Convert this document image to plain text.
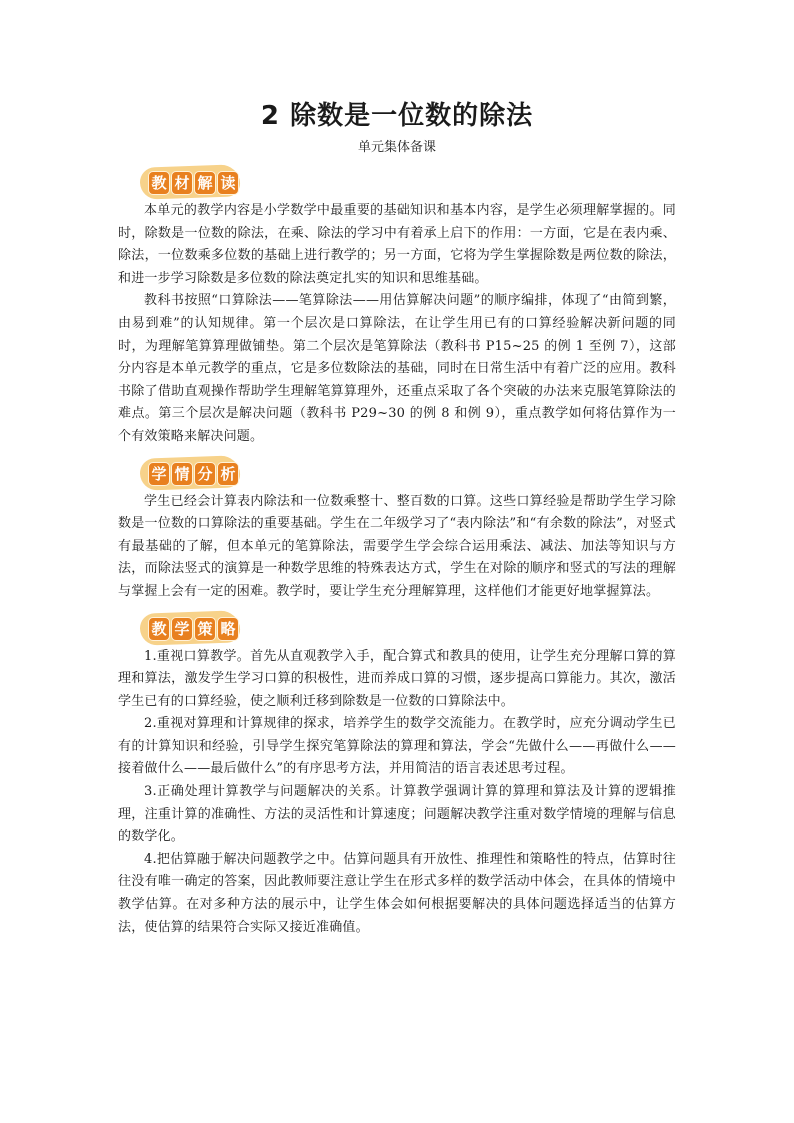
2 除数是一位数的除法
单元集体备课
教 材 解 读

本单元的教学内容是小学数学中最重要的基础知识和基本内容，是学生必须理解掌握的。同时，除数是一位数的除法，在乘、除法的学习中有着承上启下的作用：一方面，它是在表内乘、除法，一位数乘多位数的基础上进行教学的；另一方面，它将为学生掌握除数是两位数的除法，和进一步学习除数是多位数的除法奠定扎实的知识和思维基础。

教科书按照“口算除法——笔算除法——用估算解决问题”的顺序编排，体现了“由简到繁，由易到难”的认知规律。第一个层次是口算除法，在让学生用已有的口算经验解决新问题的同时，为理解笔算算理做铺垫。第二个层次是笔算除法（教科书 P15~25 的例 1 至例 7），这部分内容是本单元教学的重点，它是多位数除法的基础，同时在日常生活中有着广泛的应用。教科书除了借助直观操作帮助学生理解笔算算理外，还重点采取了各个突破的办法来克服笔算除法的难点。第三个层次是解决问题（教科书 P29~30 的例 8 和例 9），重点教学如何将估算作为一个有效策略来解决问题。

学 情 分 析

学生已经会计算表内除法和一位数乘整十、整百数的口算。这些口算经验是帮助学生学习除数是一位数的口算除法的重要基础。学生在二年级学习了“表内除法”和“有余数的除法”，对竖式有最基础的了解，但本单元的笔算除法，需要学生学会综合运用乘法、减法、加法等知识与方法，而除法竖式的演算是一种数学思维的特殊表达方式，学生在对除的顺序和竖式的写法的理解与掌握上会有一定的困难。教学时，要让学生充分理解算理，这样他们才能更好地掌握算法。

教 学 策 略

1.重视口算教学。首先从直观教学入手，配合算式和教具的使用，让学生充分理解口算的算理和算法，激发学生学习口算的积极性，进而养成口算的习惯，逐步提高口算能力。其次，激活学生已有的口算经验，使之顺利迁移到除数是一位数的口算除法中。

2.重视对算理和计算规律的探求，培养学生的数学交流能力。在教学时，应充分调动学生已有的计算知识和经验，引导学生探究笔算除法的算理和算法，学会“先做什么——再做什么——接着做什么——最后做什么”的有序思考方法，并用简洁的语言表述思考过程。

3.正确处理计算教学与问题解决的关系。计算教学强调计算的算理和算法及计算的逻辑推理，注重计算的准确性、方法的灵活性和计算速度；问题解决教学注重对数学情境的理解与信息的数学化。

4.把估算融于解决问题教学之中。估算问题具有开放性、推理性和策略性的特点，估算时往往没有唯一确定的答案，因此教师要注意让学生在形式多样的数学活动中体会，在具体的情境中教学估算。在对多种方法的展示中，让学生体会如何根据要解决的具体问题选择适当的估算方法，使估算的结果符合实际又接近准确值。
